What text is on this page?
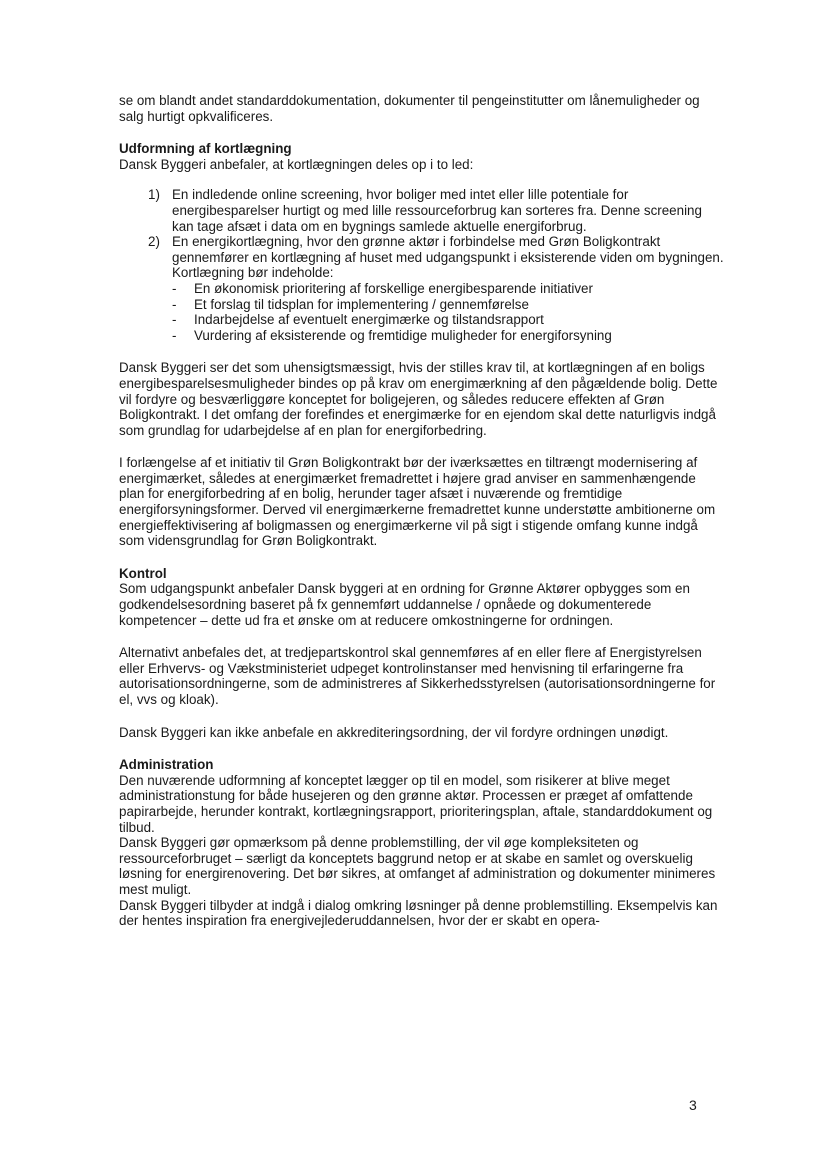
se om blandt andet standarddokumentation, dokumenter til pengeinstitutter om lånemuligheder og salg hurtigt opkvalificeres.

Udformning af kortlægning

Dansk Byggeri anbefaler, at kortlægningen deles op i to led:

1) En indledende online screening, hvor boliger med intet eller lille potentiale for energibesparelser hurtigt og med lille ressourceforbrug kan sorteres fra. Denne screening kan tage afsæt i data om en bygnings samlede aktuelle energiforbrug.
2) En energikortlægning, hvor den grønne aktør i forbindelse med Grøn Boligkontrakt gennemfører en kortlægning af huset med udgangspunkt i eksisterende viden om bygningen. Kortlægning bør indeholde:
- En økonomisk prioritering af forskellige energibesparende initiativer
- Et forslag til tidsplan for implementering / gennemførelse
- Indarbejdelse af eventuelt energimærke og tilstandsrapport
- Vurdering af eksisterende og fremtidige muligheder for energiforsyning

Dansk Byggeri ser det som uhensigtsmæssigt, hvis der stilles krav til, at kortlægningen af en boligs energibesparelsesmuligheder bindes op på krav om energimærkning af den pågældende bolig. Dette vil fordyre og besværliggøre konceptet for boligejeren, og således reducere effekten af Grøn Boligkontrakt. I det omfang der forefindes et energimærke for en ejendom skal dette naturligvis indgå som grundlag for udarbejdelse af en plan for energiforbedring.

I forlængelse af et initiativ til Grøn Boligkontrakt bør der iværksættes en tiltrængt modernisering af energimærket, således at energimærket fremadrettet i højere grad anviser en sammenhængende plan for energiforbedring af en bolig, herunder tager afsæt i nuværende og fremtidige energiforsyningsformer. Derved vil energimærkerne fremadrettet kunne understøtte ambitionerne om energieffektivisering af boligmassen og energimærkerne vil på sigt i stigende omfang kunne indgå som vidensgrundlag for Grøn Boligkontrakt.

Kontrol

Som udgangspunkt anbefaler Dansk byggeri at en ordning for Grønne Aktører opbygges som en godkendelsesordning baseret på fx gennemført uddannelse / opnåede og dokumenterede kompetencer – dette ud fra et ønske om at reducere omkostningerne for ordningen.

Alternativt anbefales det, at tredjepartskontrol skal gennemføres af en eller flere af Energistyrelsen eller Erhvervs- og Vækstministeriet udpeget kontrolinstanser med henvisning til erfaringerne fra autorisationsordningerne, som de administreres af Sikkerhedsstyrelsen (autorisationsordningerne for el, vvs og kloak).

Dansk Byggeri kan ikke anbefale en akkrediteringsordning, der vil fordyre ordningen unødigt.

Administration

Den nuværende udformning af konceptet lægger op til en model, som risikerer at blive meget administrationstung for både husejeren og den grønne aktør. Processen er præget af omfattende papirarbejde, herunder kontrakt, kortlægningsrapport, prioriteringsplan, aftale, standarddokument og tilbud.

Dansk Byggeri gør opmærksom på denne problemstilling, der vil øge kompleksiteten og ressourceforbruget – særligt da konceptets baggrund netop er at skabe en samlet og overskuelig løsning for energirenovering. Det bør sikres, at omfanget af administration og dokumenter minimeres mest muligt.

Dansk Byggeri tilbyder at indgå i dialog omkring løsninger på denne problemstilling. Eksempelvis kan der hentes inspiration fra energivejlederuddannelsen, hvor der er skabt en opera-

3
